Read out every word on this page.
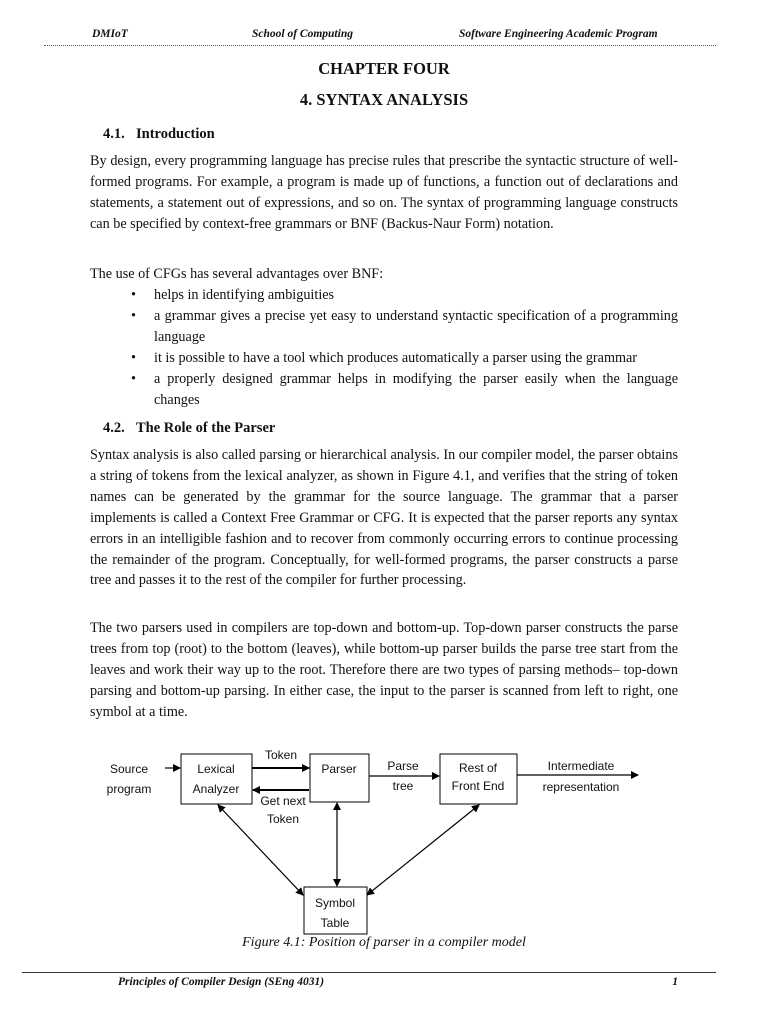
DMIoT	School of Computing	Software Engineering Academic Program
CHAPTER FOUR
4. SYNTAX ANALYSIS
4.1. Introduction

By design, every programming language has precise rules that prescribe the syntactic structure of well-formed programs. For example, a program is made up of functions, a function out of declarations and statements, a statement out of expressions, and so on. The syntax of programming language constructs can be specified by context-free grammars or BNF (Backus-Naur Form) notation.

The use of CFGs has several advantages over BNF:

• helps in identifying ambiguities
• a grammar gives a precise yet easy to understand syntactic specification of a programming language
• it is possible to have a tool which produces automatically a parser using the grammar
• a properly designed grammar helps in modifying the parser easily when the language changes
4.2. The Role of the Parser

Syntax analysis is also called parsing or hierarchical analysis. In our compiler model, the parser obtains a string of tokens from the lexical analyzer, as shown in Figure 4.1, and verifies that the string of token names can be generated by the grammar for the source language. The grammar that a parser implements is called a Context Free Grammar or CFG. It is expected that the parser reports any syntax errors in an intelligible fashion and to recover from commonly occurring errors to continue processing the remainder of the program. Conceptually, for well-formed programs, the parser constructs a parse tree and passes it to the rest of the compiler for further processing.

The two parsers used in compilers are top-down and bottom-up. Top-down parser constructs the parse trees from top (root) to the bottom (leaves), while bottom-up parser builds the parse tree start from the leaves and work their way up to the root. Therefore there are two types of parsing methods– top-down parsing and bottom-up parsing. In either case, the input to the parser is scanned from left to right, one symbol at a time.

Source
program
Lexical
Analyzer
Token
Get next
Token
Parser	Parse
tree
Rest of
Front End
Intermediate
representation
Symbol
Table
Figure 4.1: Position of parser in a compiler model
Principles of Compiler Design (SEng 4031)	1
